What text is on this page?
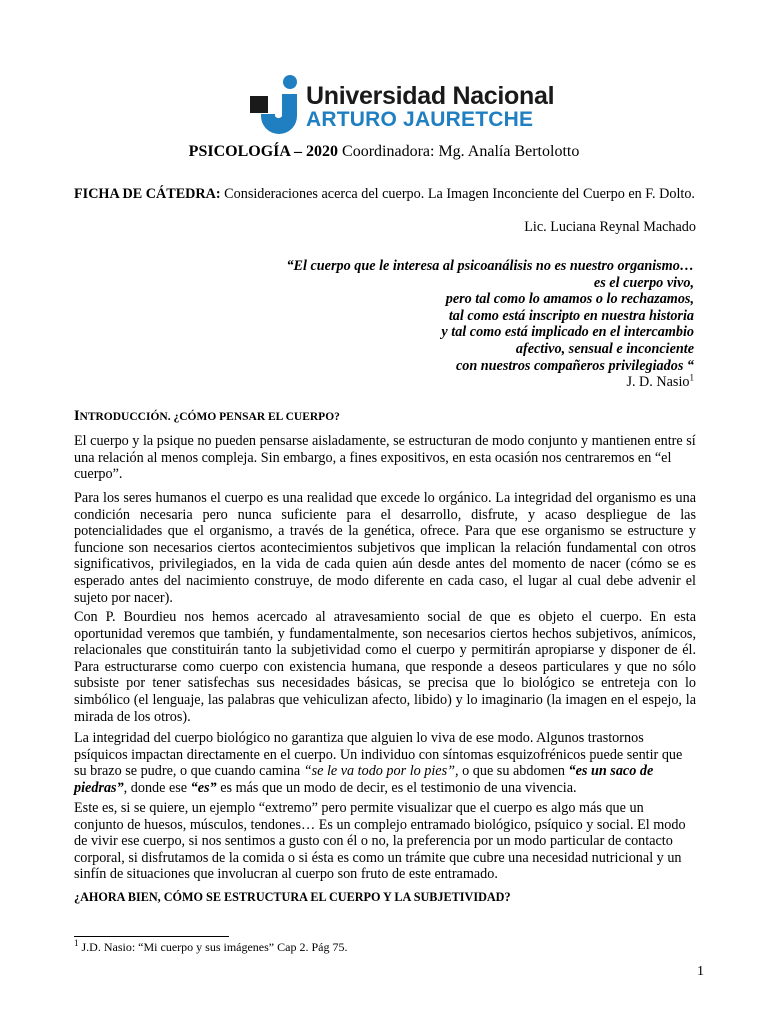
Universidad Nacional
ARTURO JAURETCHE
PSICOLOGÍA – 2020 Coordinadora: Mg. Analía Bertolotto
FICHA DE CÁTEDRA: Consideraciones acerca del cuerpo. La Imagen Inconciente del Cuerpo en F. Dolto.
Lic. Luciana Reynal Machado
“El cuerpo que le interesa al psicoanálisis no es nuestro organismo…
es el cuerpo vivo,
pero tal como lo amamos o lo rechazamos,
tal como está inscripto en nuestra historia
y tal como está implicado en el intercambio
afectivo, sensual e inconciente
con nuestros compañeros privilegiados “
J. D. Nasio$^1$
INTRODUCCIÓN. ¿CÓMO PENSAR EL CUERPO?
El cuerpo y la psique no pueden pensarse aisladamente, se estructuran de modo conjunto y mantienen entre sí una relación al menos compleja. Sin embargo, a fines expositivos, en esta ocasión nos centraremos en “el cuerpo”.
Para los seres humanos el cuerpo es una realidad que excede lo orgánico. La integridad del organismo es una condición necesaria pero nunca suficiente para el desarrollo, disfrute, y acaso despliegue de las potencialidades que el organismo, a través de la genética, ofrece. Para que ese organismo se estructure y funcione son necesarios ciertos acontecimientos subjetivos que implican la relación fundamental con otros significativos, privilegiados, en la vida de cada quien aún desde antes del momento de nacer (cómo se es esperado antes del nacimiento construye, de modo diferente en cada caso, el lugar al cual debe advenir el sujeto por nacer).
Con P. Bourdieu nos hemos acercado al atravesamiento social de que es objeto el cuerpo. En esta oportunidad veremos que también, y fundamentalmente, son necesarios ciertos hechos subjetivos, anímicos, relacionales que constituirán tanto la subjetividad como el cuerpo y permitirán apropiarse y disponer de él. Para estructurarse como cuerpo con existencia humana, que responde a deseos particulares y que no sólo subsiste por tener satisfechas sus necesidades básicas, se precisa que lo biológico se entreteja con lo simbólico (el lenguaje, las palabras que vehiculizan afecto, libido) y lo imaginario (la imagen en el espejo, la mirada de los otros).
La integridad del cuerpo biológico no garantiza que alguien lo viva de ese modo. Algunos trastornos psíquicos impactan directamente en el cuerpo. Un individuo con síntomas esquizofrénicos puede sentir que su brazo se pudre, o que cuando camina “se le va todo por lo pies”, o que su abdomen “es un saco de piedras”, donde ese “es” es más que un modo de decir, es el testimonio de una vivencia.
Este es, si se quiere, un ejemplo “extremo” pero permite visualizar que el cuerpo es algo más que un conjunto de huesos, músculos, tendones… Es un complejo entramado biológico, psíquico y social. El modo de vivir ese cuerpo, si nos sentimos a gusto con él o no, la preferencia por un modo particular de contacto corporal, si disfrutamos de la comida o si ésta es como un trámite que cubre una necesidad nutricional y un sinfín de situaciones que involucran al cuerpo son fruto de este entramado.
¿AHORA BIEN, CÓMO SE ESTRUCTURA EL CUERPO Y LA SUBJETIVIDAD?
$^1$ J.D. Nasio: “Mi cuerpo y sus imágenes” Cap 2. Pág 75.
1
